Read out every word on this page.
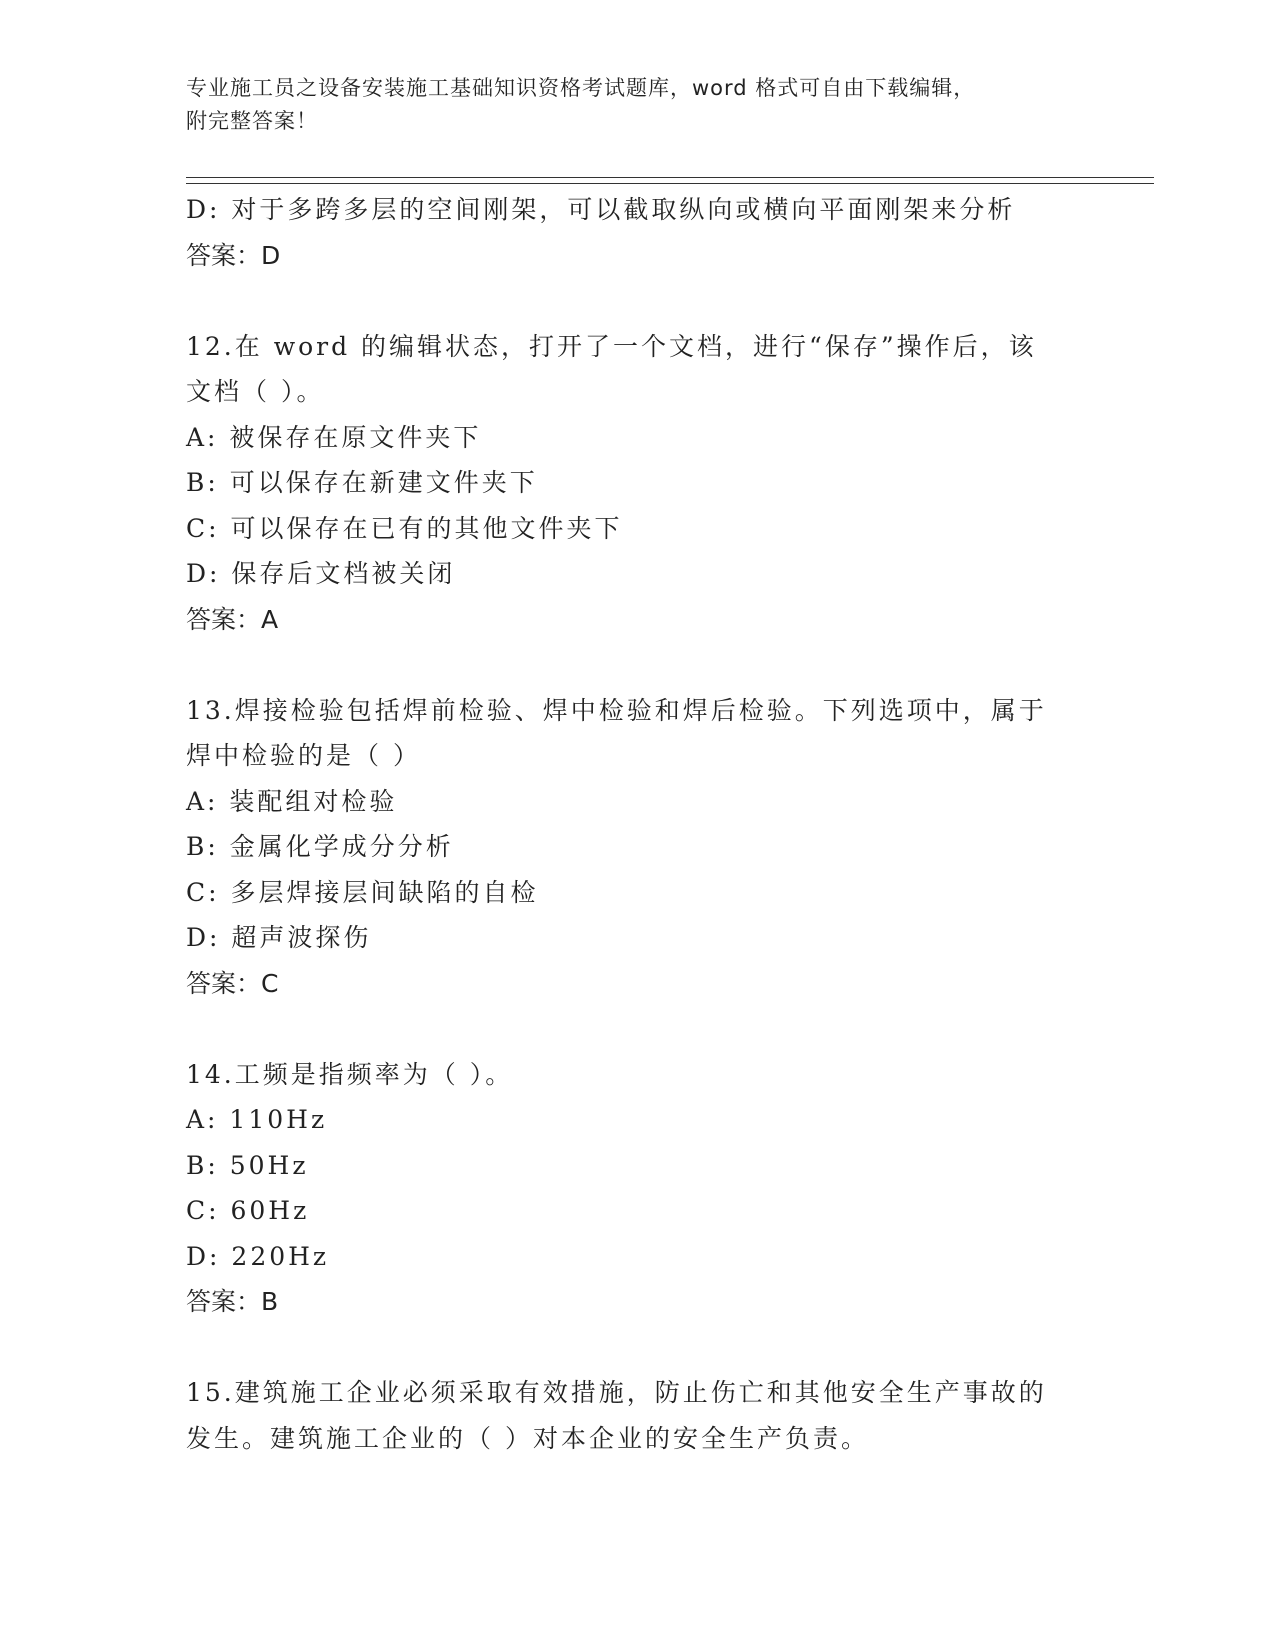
专业施工员之设备安装施工基础知识资格考试题库，word 格式可自由下载编辑，
附完整答案！
D: 对于多跨多层的空间刚架，可以截取纵向或横向平面刚架来分析
答案：D
12.在 word 的编辑状态，打开了一个文档，进行“保存”操作后，该
文档（ ）。
A: 被保存在原文件夹下
B: 可以保存在新建文件夹下
C: 可以保存在已有的其他文件夹下
D: 保存后文档被关闭
答案：A
13.焊接检验包括焊前检验、焊中检验和焊后检验。下列选项中，属于
焊中检验的是（ ）
A: 装配组对检验
B: 金属化学成分分析
C: 多层焊接层间缺陷的自检
D: 超声波探伤
答案：C
14.工频是指频率为（ ）。
A: 110Hz
B: 50Hz
C: 60Hz
D: 220Hz
答案：B
15.建筑施工企业必须采取有效措施，防止伤亡和其他安全生产事故的
发生。建筑施工企业的（ ）对本企业的安全生产负责。
